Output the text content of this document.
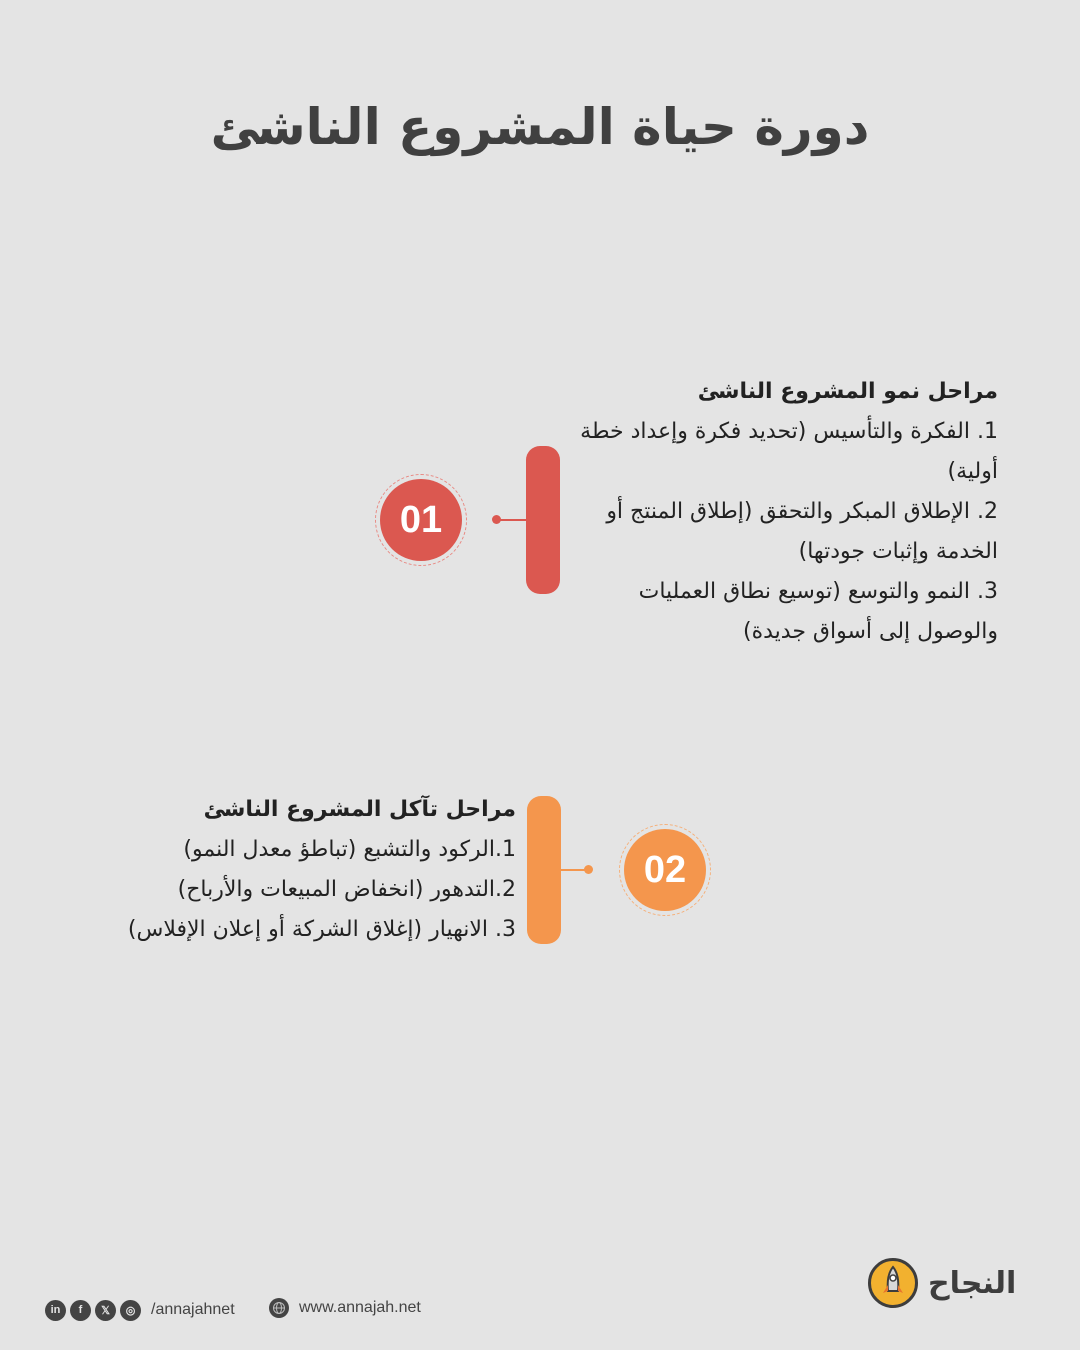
دورة حياة المشروع الناشئ
مراحل نمو المشروع الناشئ
1. الفكرة والتأسيس (تحديد فكرة وإعداد خطة أولية)
2. الإطلاق المبكر والتحقق (إطلاق المنتج أو الخدمة وإثبات جودتها)
3. النمو والتوسع (توسيع نطاق العمليات والوصول إلى أسواق جديدة)
01
مراحل تآكل المشروع الناشئ
1.الركود والتشبع (تباطؤ معدل النمو)
2.التدهور (انخفاض المبيعات والأرباح)
3. الانهيار (إغلاق الشركة أو إعلان الإفلاس)
02
in	f	𝕏	◎ /annajahnet	www.annajah.net
النجاح
